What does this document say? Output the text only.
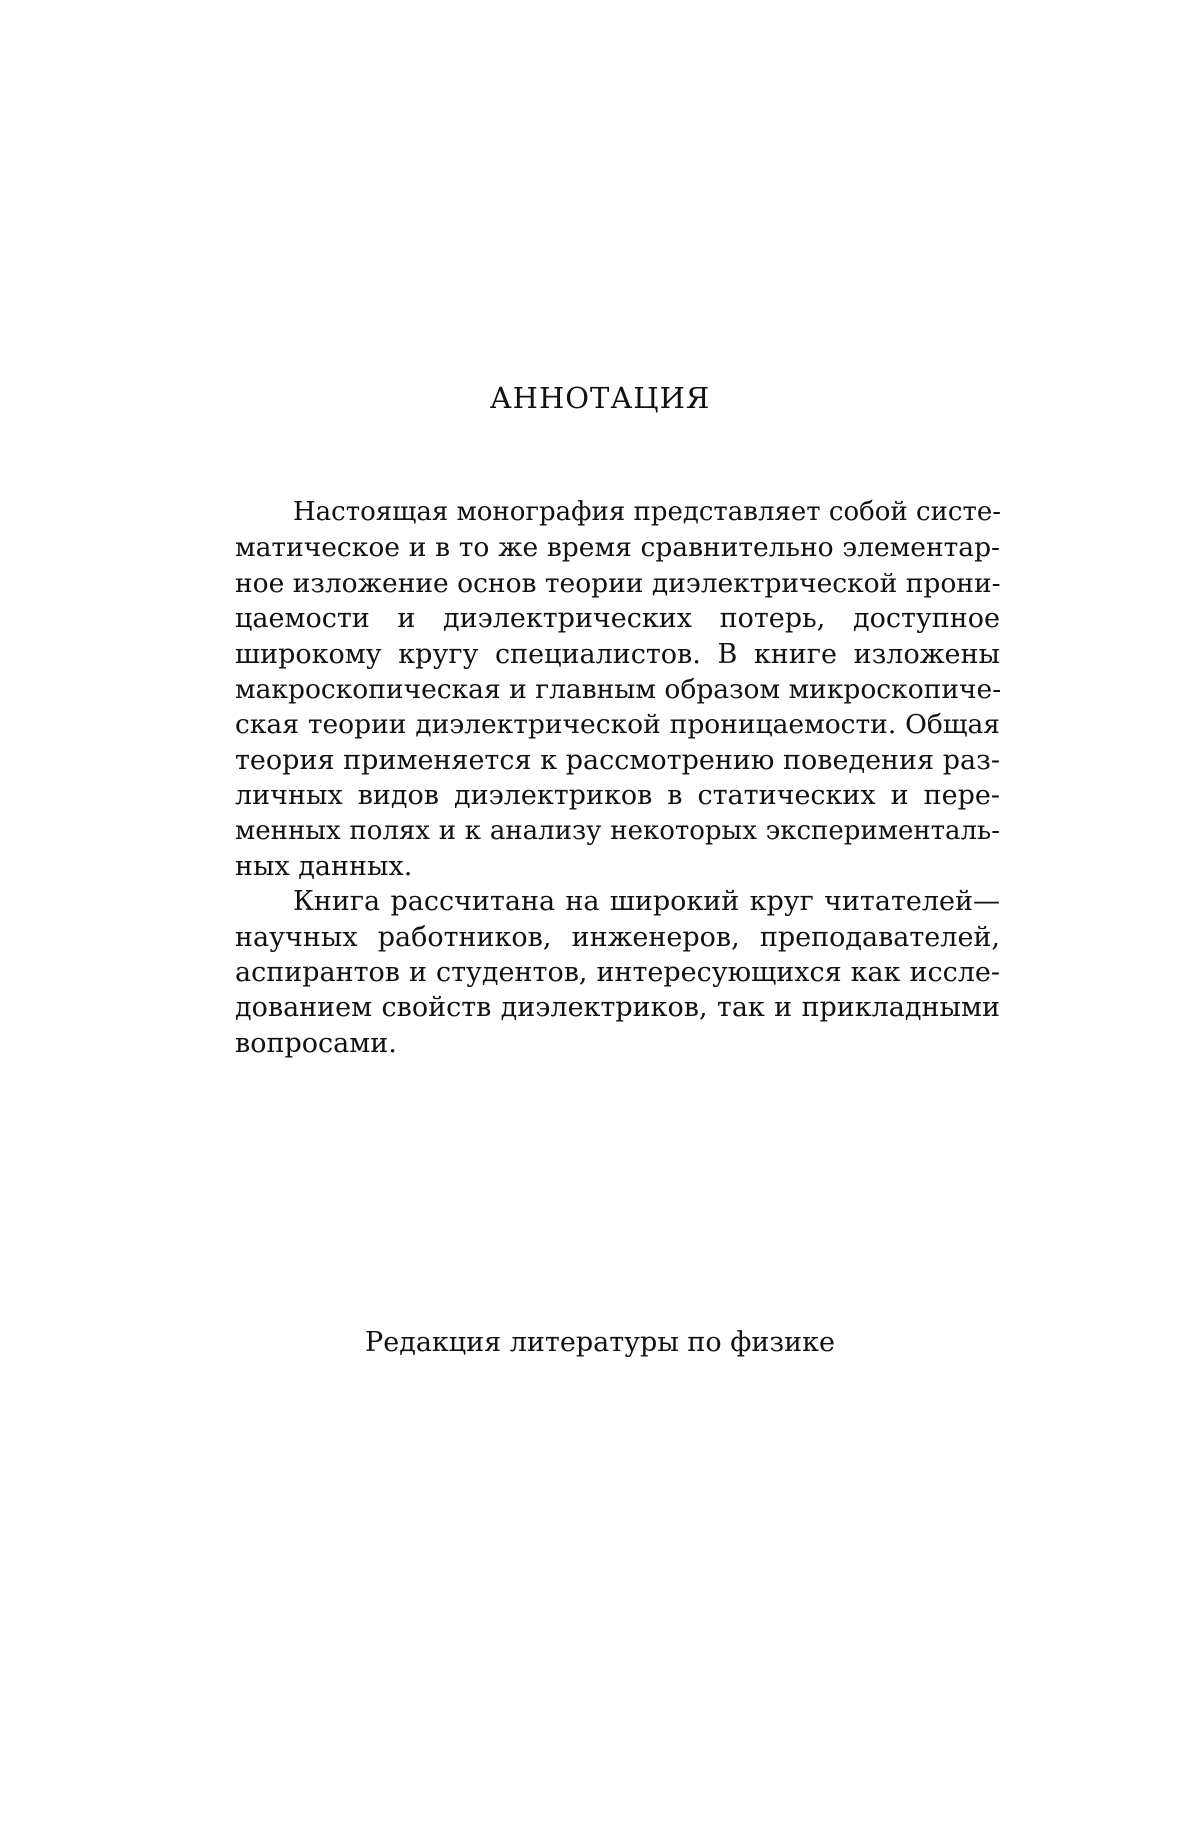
АННОТАЦИЯ
Настоящая монография представляет собой систе-
матическое и в то же время сравнительно элементар-
ное изложение основ теории диэлектрической прони-
цаемости и диэлектрических потерь, доступное
широкому кругу специалистов. В книге изложены
макроскопическая и главным образом микроскопиче-
ская теории диэлектрической проницаемости. Общая
теория применяется к рассмотрению поведения раз-
личных видов диэлектриков в статических и пере-
менных полях и к анализу некоторых эксперименталь-
ных данных.
Книга рассчитана на широкий круг читателей—
научных работников, инженеров, преподавателей,
аспирантов и студентов, интересующихся как иссле-
дованием свойств диэлектриков, так и прикладными
вопросами.
Редакция литературы по физике
